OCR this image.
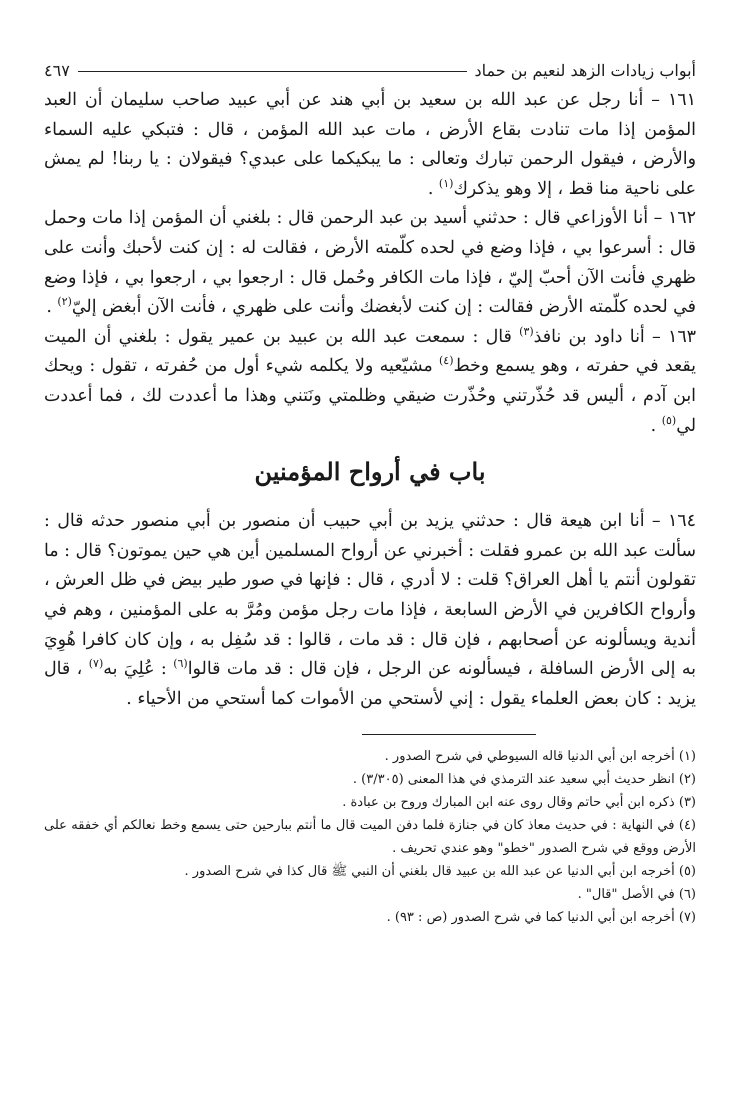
أبواب زيادات الزهد لنعيم بن حماد
٤٦٧

١٦١ – أنا رجل عن عبد الله بن سعيد بن أبي هند عن أبي عبيد صاحب سليمان أن العبد المؤمن إذا مات تنادت بقاع الأرض ، مات عبد الله المؤمن ، قال : فتبكي عليه السماء والأرض ، فيقول الرحمن تبارك وتعالى : ما يبكيكما على عبدي؟ فيقولان : يا ربنا! لم يمش على ناحية منا قط ، إلا وهو يذكرك$^{(١)}$ .

١٦٢ – أنا الأوزاعي قال : حدثني أسيد بن عبد الرحمن قال : بلغني أن المؤمن إذا مات وحمل قال : أسرعوا بي ، فإذا وضع في لحده كلّمته الأرض ، فقالت له : إن كنت لأحبك وأنت على ظهري فأنت الآن أحبّ إليّ ، فإذا مات الكافر وحُمل قال : ارجعوا بي ، ارجعوا بي ، فإذا وضع في لحده كلّمته الأرض فقالت : إن كنت لأبغضك وأنت على ظهري ، فأنت الآن أبغض إليّ$^{(٢)}$ .

١٦٣ – أنا داود بن نافذ$^{(٣)}$ قال : سمعت عبد الله بن عبيد بن عمير يقول : بلغني أن الميت يقعد في حفرته ، وهو يسمع وخط$^{(٤)}$ مشيّعيه ولا يكلمه شيء أول من حُفرته ، تقول : ويحك ابن آدم ، أليس قد حُذّرتني وحُذّرت ضيقي وظلمتي ونَتني وهذا ما أعددت لك ، فما أعددت لي$^{(٥)}$ .

باب في أرواح المؤمنين

١٦٤ – أنا ابن هيعة قال : حدثني يزيد بن أبي حبيب أن منصور بن أبي منصور حدثه قال : سألت عبد الله بن عمرو فقلت : أخبرني عن أرواح المسلمين أين هي حين يموتون؟ قال : ما تقولون أنتم يا أهل العراق؟ قلت : لا أدري ، قال : فإنها في صور طير بيض في ظل العرش ، وأرواح الكافرين في الأرض السابعة ، فإذا مات رجل مؤمن ومُرَّ به على المؤمنين ، وهم في أندية ويسألونه عن أصحابهم ، فإن قال : قد مات ، قالوا : قد سُفِل به ، وإن كان كافرا هُوِيَ به إلى الأرض السافلة ، فيسألونه عن الرجل ، فإن قال : قد مات قالوا$^{(٦)}$ : عُلِيَ به$^{(٧)}$ ، قال يزيد : كان بعض العلماء يقول : إني لأستحي من الأموات كما أستحي من الأحياء .

(١) أخرجه ابن أبي الدنيا قاله السيوطي في شرح الصدور .

(٢) انظر حديث أبي سعيد عند الترمذي في هذا المعنى (٣/٣٠٥) .

(٣) ذكره ابن أبي حاتم وقال روى عنه ابن المبارك وروح بن عبادة .

(٤) في النهاية : في حديث معاذ كان في جنازة فلما دفن الميت قال ما أنتم ببارحين حتى يسمع وخط نعالكم أي خفقه على الأرض ووقع في شرح الصدور "خطو" وهو عندي تحريف .

(٥) أخرجه ابن أبي الدنيا عن عبد الله بن عبيد قال بلغني أن النبي ﷺ قال كذا في شرح الصدور .

(٦) في الأصل "قال" .

(٧) أخرجه ابن أبي الدنيا كما في شرح الصدور (ص : ٩٣) .
